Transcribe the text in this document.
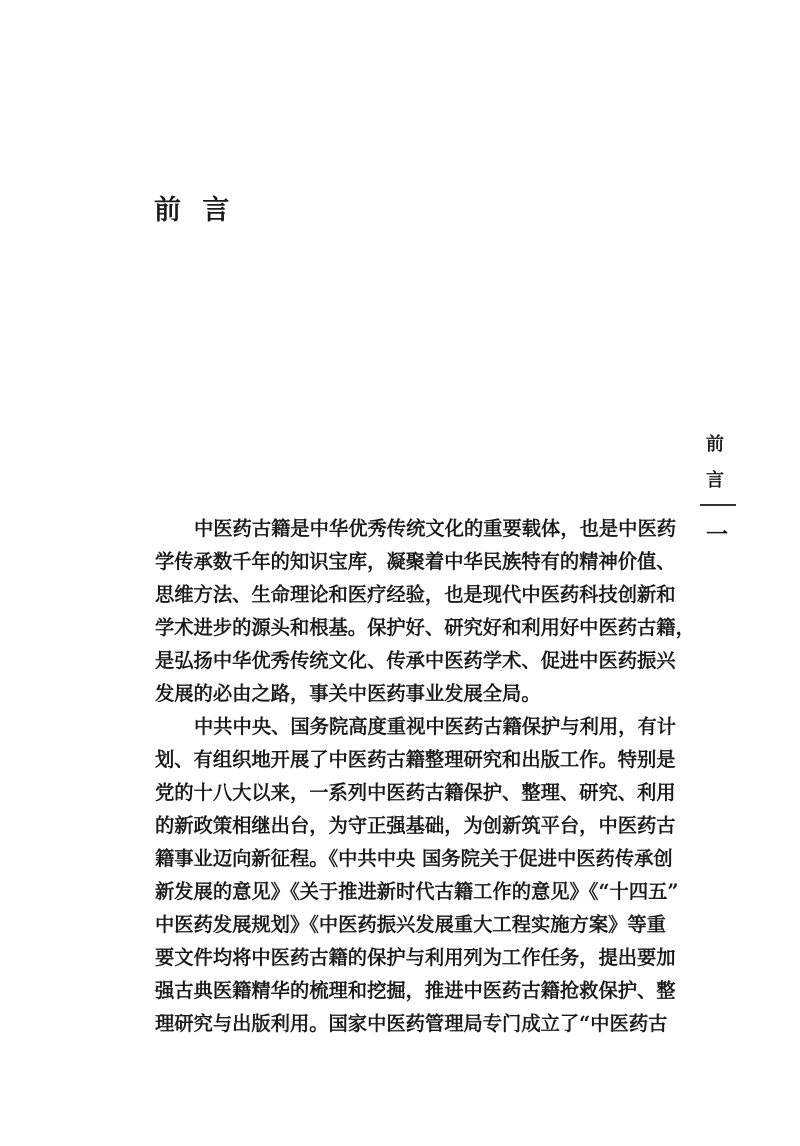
前 言
前
言
一
中医药古籍是中华优秀传统文化的重要载体，也是中医药
学传承数千年的知识宝库，凝聚着中华民族特有的精神价值、
思维方法、生命理论和医疗经验，也是现代中医药科技创新和
学术进步的源头和根基。保护好、研究好和利用好中医药古籍，
是弘扬中华优秀传统文化、传承中医药学术、促进中医药振兴
发展的必由之路，事关中医药事业发展全局。
中共中央、国务院高度重视中医药古籍保护与利用，有计
划、有组织地开展了中医药古籍整理研究和出版工作。特别是
党的十八大以来，一系列中医药古籍保护、整理、研究、利用
的新政策相继出台，为守正强基础，为创新筑平台，中医药古
籍事业迈向新征程。《中共中央 国务院关于促进中医药传承创
新发展的意见》《关于推进新时代古籍工作的意见》《“十四五”
中医药发展规划》《中医药振兴发展重大工程实施方案》等重
要文件均将中医药古籍的保护与利用列为工作任务，提出要加
强古典医籍精华的梳理和挖掘，推进中医药古籍抢救保护、整
理研究与出版利用。国家中医药管理局专门成立了“中医药古
